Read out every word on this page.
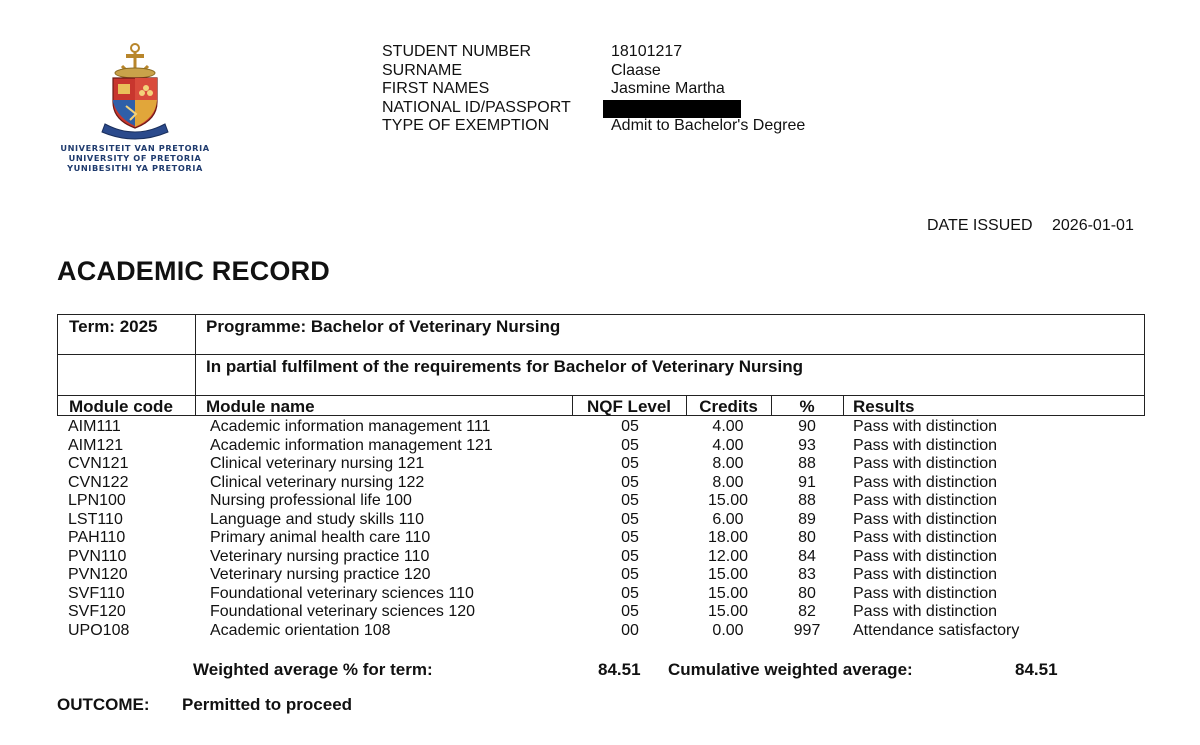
UNIVERSITEIT VAN PRETORIA
UNIVERSITY OF PRETORIA
YUNIBESITHI YA PRETORIA
STUDENT NUMBER	18101217
SURNAME	Claase
FIRST NAMES	Jasmine Martha
NATIONAL ID/PASSPORT
TYPE OF EXEMPTION	Admit to Bachelor's Degree
DATE ISSUED 2026-01-01
ACADEMIC RECORD
Term: 2025	Programme: Bachelor of Veterinary Nursing
In partial fulfilment of the requirements for Bachelor of Veterinary Nursing
Module code Module name	NQF Level	Credits	%	Results
AIM111	Academic information management 111	05	4.00	90	Pass with distinction
AIM121	Academic information management 121	05	4.00	93	Pass with distinction
CVN121	Clinical veterinary nursing 121	05	8.00	88	Pass with distinction
CVN122	Clinical veterinary nursing 122	05	8.00	91	Pass with distinction
LPN100	Nursing professional life 100	05	15.00	88	Pass with distinction
LST110	Language and study skills 110	05	6.00	89	Pass with distinction
PAH110	Primary animal health care 110	05	18.00	80	Pass with distinction
PVN110	Veterinary nursing practice 110	05	12.00	84	Pass with distinction
PVN120	Veterinary nursing practice 120	05	15.00	83	Pass with distinction
SVF110	Foundational veterinary sciences 110	05	15.00	80	Pass with distinction
SVF120	Foundational veterinary sciences 120	05	15.00	82	Pass with distinction
UPO108	Academic orientation 108	00	0.00	997	Attendance satisfactory
Weighted average % for term:	84.51 Cumulative weighted average:	84.51
OUTCOME: Permitted to proceed
